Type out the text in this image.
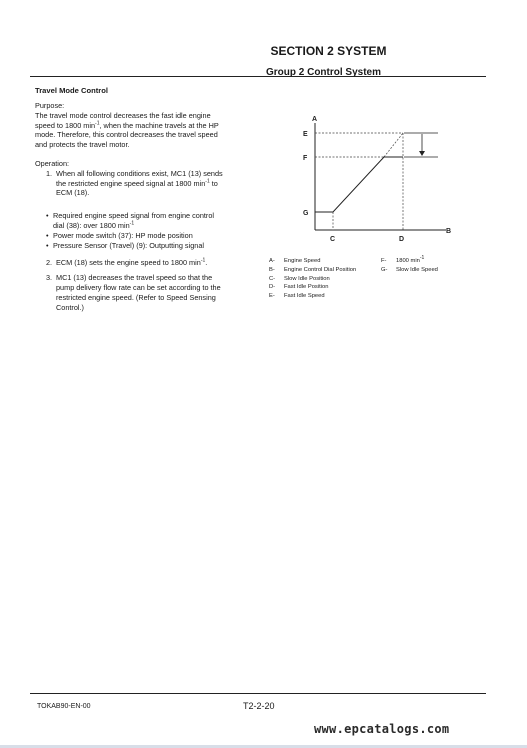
SECTION 2 SYSTEM
Group 2 Control System
Travel Mode Control
Purpose:
The travel mode control decreases the fast idle engine
speed to 1800 $\min^{-1}$, when the machine travels at the HP
mode. Therefore, this control decreases the travel speed
and protects the travel motor.
Operation:
1. When all following conditions exist, MC1 (13) sends
the restricted engine speed signal at 1800 $\min^{-1}$ to
ECM (18).
• Required engine speed signal from engine control
dial (38): over 1800 $\min^{-1}$
• Power mode switch (37): HP mode position
• Pressure Sensor (Travel) (9): Outputting signal
2. ECM (18) sets the engine speed to 1800 $\min^{-1}$.
3. MC1 (13) decreases the travel speed so that the
pump delivery flow rate can be set according to the
restricted engine speed. (Refer to Speed Sensing
Control.)
A
B
C	D
E
F
G
A- Engine Speed
B- Engine Control Dial Position
C- Slow Idle Position
D- Fast Idle Position
E- Fast Idle Speed
F- 1800 $\min^{-1}$
G- Slow Idle Speed
TOKAB90-EN-00	T2-2-20
www.epcatalogs.com
